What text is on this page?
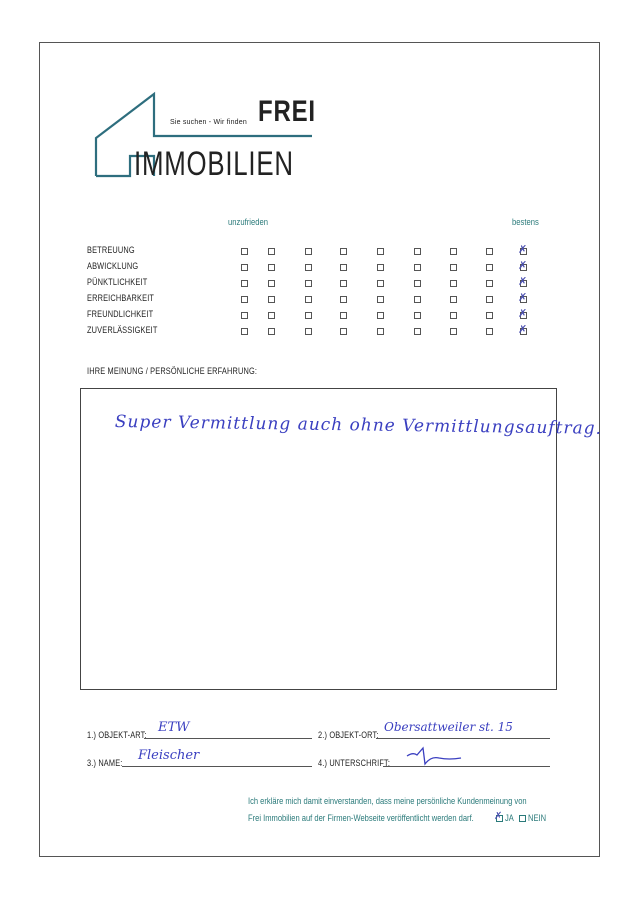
Sie suchen - Wir finden FREI
IMMOBILIEN
unzufrieden	bestens
BETREUUNG	✗
ABWICKLUNG	✗
PÜNKTLICHKEIT	✗
ERREICHBARKEIT	✗
FREUNDLICHKEIT	✗
ZUVERLÄSSIGKEIT	✗
IHRE MEINUNG / PERSÖNLICHE ERFAHRUNG:
Super Vermittlung auch ohne Vermittlungsauftrag.
1.) OBJEKT-ART: ETW	2.) OBJEKT-ORT:
Obersattweiler st. 15
3.) NAME: Fleischer	4.) UNTERSCHRIFT:
Ich erkläre mich damit einverstanden, dass meine persönliche Kundenmeinung von
Frei Immobilien auf der Firmen-Webseite veröffentlicht werden darf. ✗ JA NEIN
